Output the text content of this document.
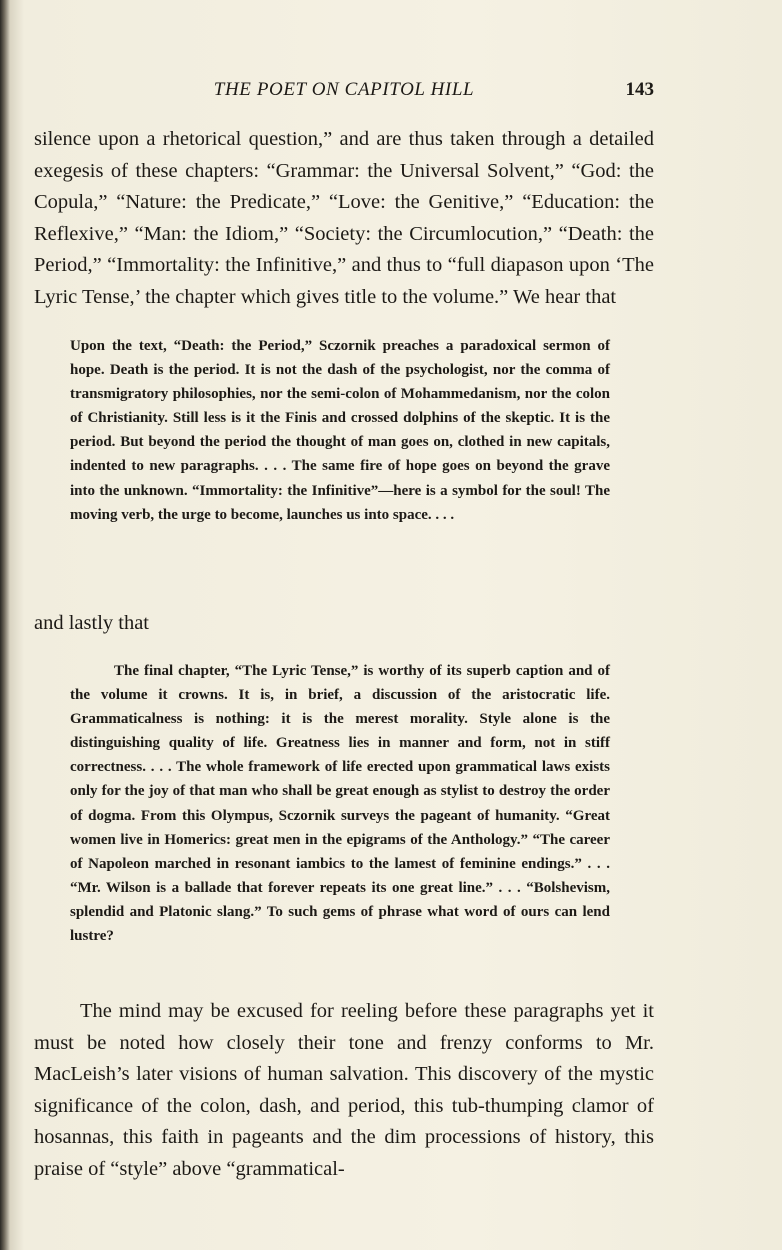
THE POET ON CAPITOL HILL	143

silence upon a rhetorical question,” and are thus taken through a detailed exegesis of these chapters: “Grammar: the Universal Solvent,” “God: the Copula,” “Nature: the Predicate,” “Love: the Genitive,” “Education: the Reflexive,” “Man: the Idiom,” “Society: the Circumlocution,” “Death: the Period,” “Immortality: the Infinitive,” and thus to “full diapason upon ‘The Lyric Tense,’ the chapter which gives title to the volume.” We hear that

Upon the text, “Death: the Period,” Sczornik preaches a paradoxical sermon of hope. Death is the period. It is not the dash of the psychologist, nor the comma of transmigratory philosophies, nor the semi-colon of Mohammedanism, nor the colon of Christianity. Still less is it the Finis and crossed dolphins of the skeptic. It is the period. But beyond the period the thought of man goes on, clothed in new capitals, indented to new paragraphs. . . . The same fire of hope goes on beyond the grave into the unknown. “Immortality: the Infinitive”—here is a symbol for the soul! The moving verb, the urge to become, launches us into space. . . .

and lastly that

The final chapter, “The Lyric Tense,” is worthy of its superb caption and of the volume it crowns. It is, in brief, a discussion of the aristocratic life. Grammaticalness is nothing: it is the merest morality. Style alone is the distinguishing quality of life. Greatness lies in manner and form, not in stiff correctness. . . . The whole framework of life erected upon grammatical laws exists only for the joy of that man who shall be great enough as stylist to destroy the order of dogma. From this Olympus, Sczornik surveys the pageant of humanity. “Great women live in Homerics: great men in the epigrams of the Anthology.” “The career of Napoleon marched in resonant iambics to the lamest of feminine endings.” . . . “Mr. Wilson is a ballade that forever repeats its one great line.” . . . “Bolshevism, splendid and Platonic slang.” To such gems of phrase what word of ours can lend lustre?

The mind may be excused for reeling before these paragraphs yet it must be noted how closely their tone and frenzy conforms to Mr. MacLeish’s later visions of human salvation. This discovery of the mystic significance of the colon, dash, and period, this tub-thumping clamor of hosannas, this faith in pageants and the dim processions of history, this praise of “style” above “grammatical-
